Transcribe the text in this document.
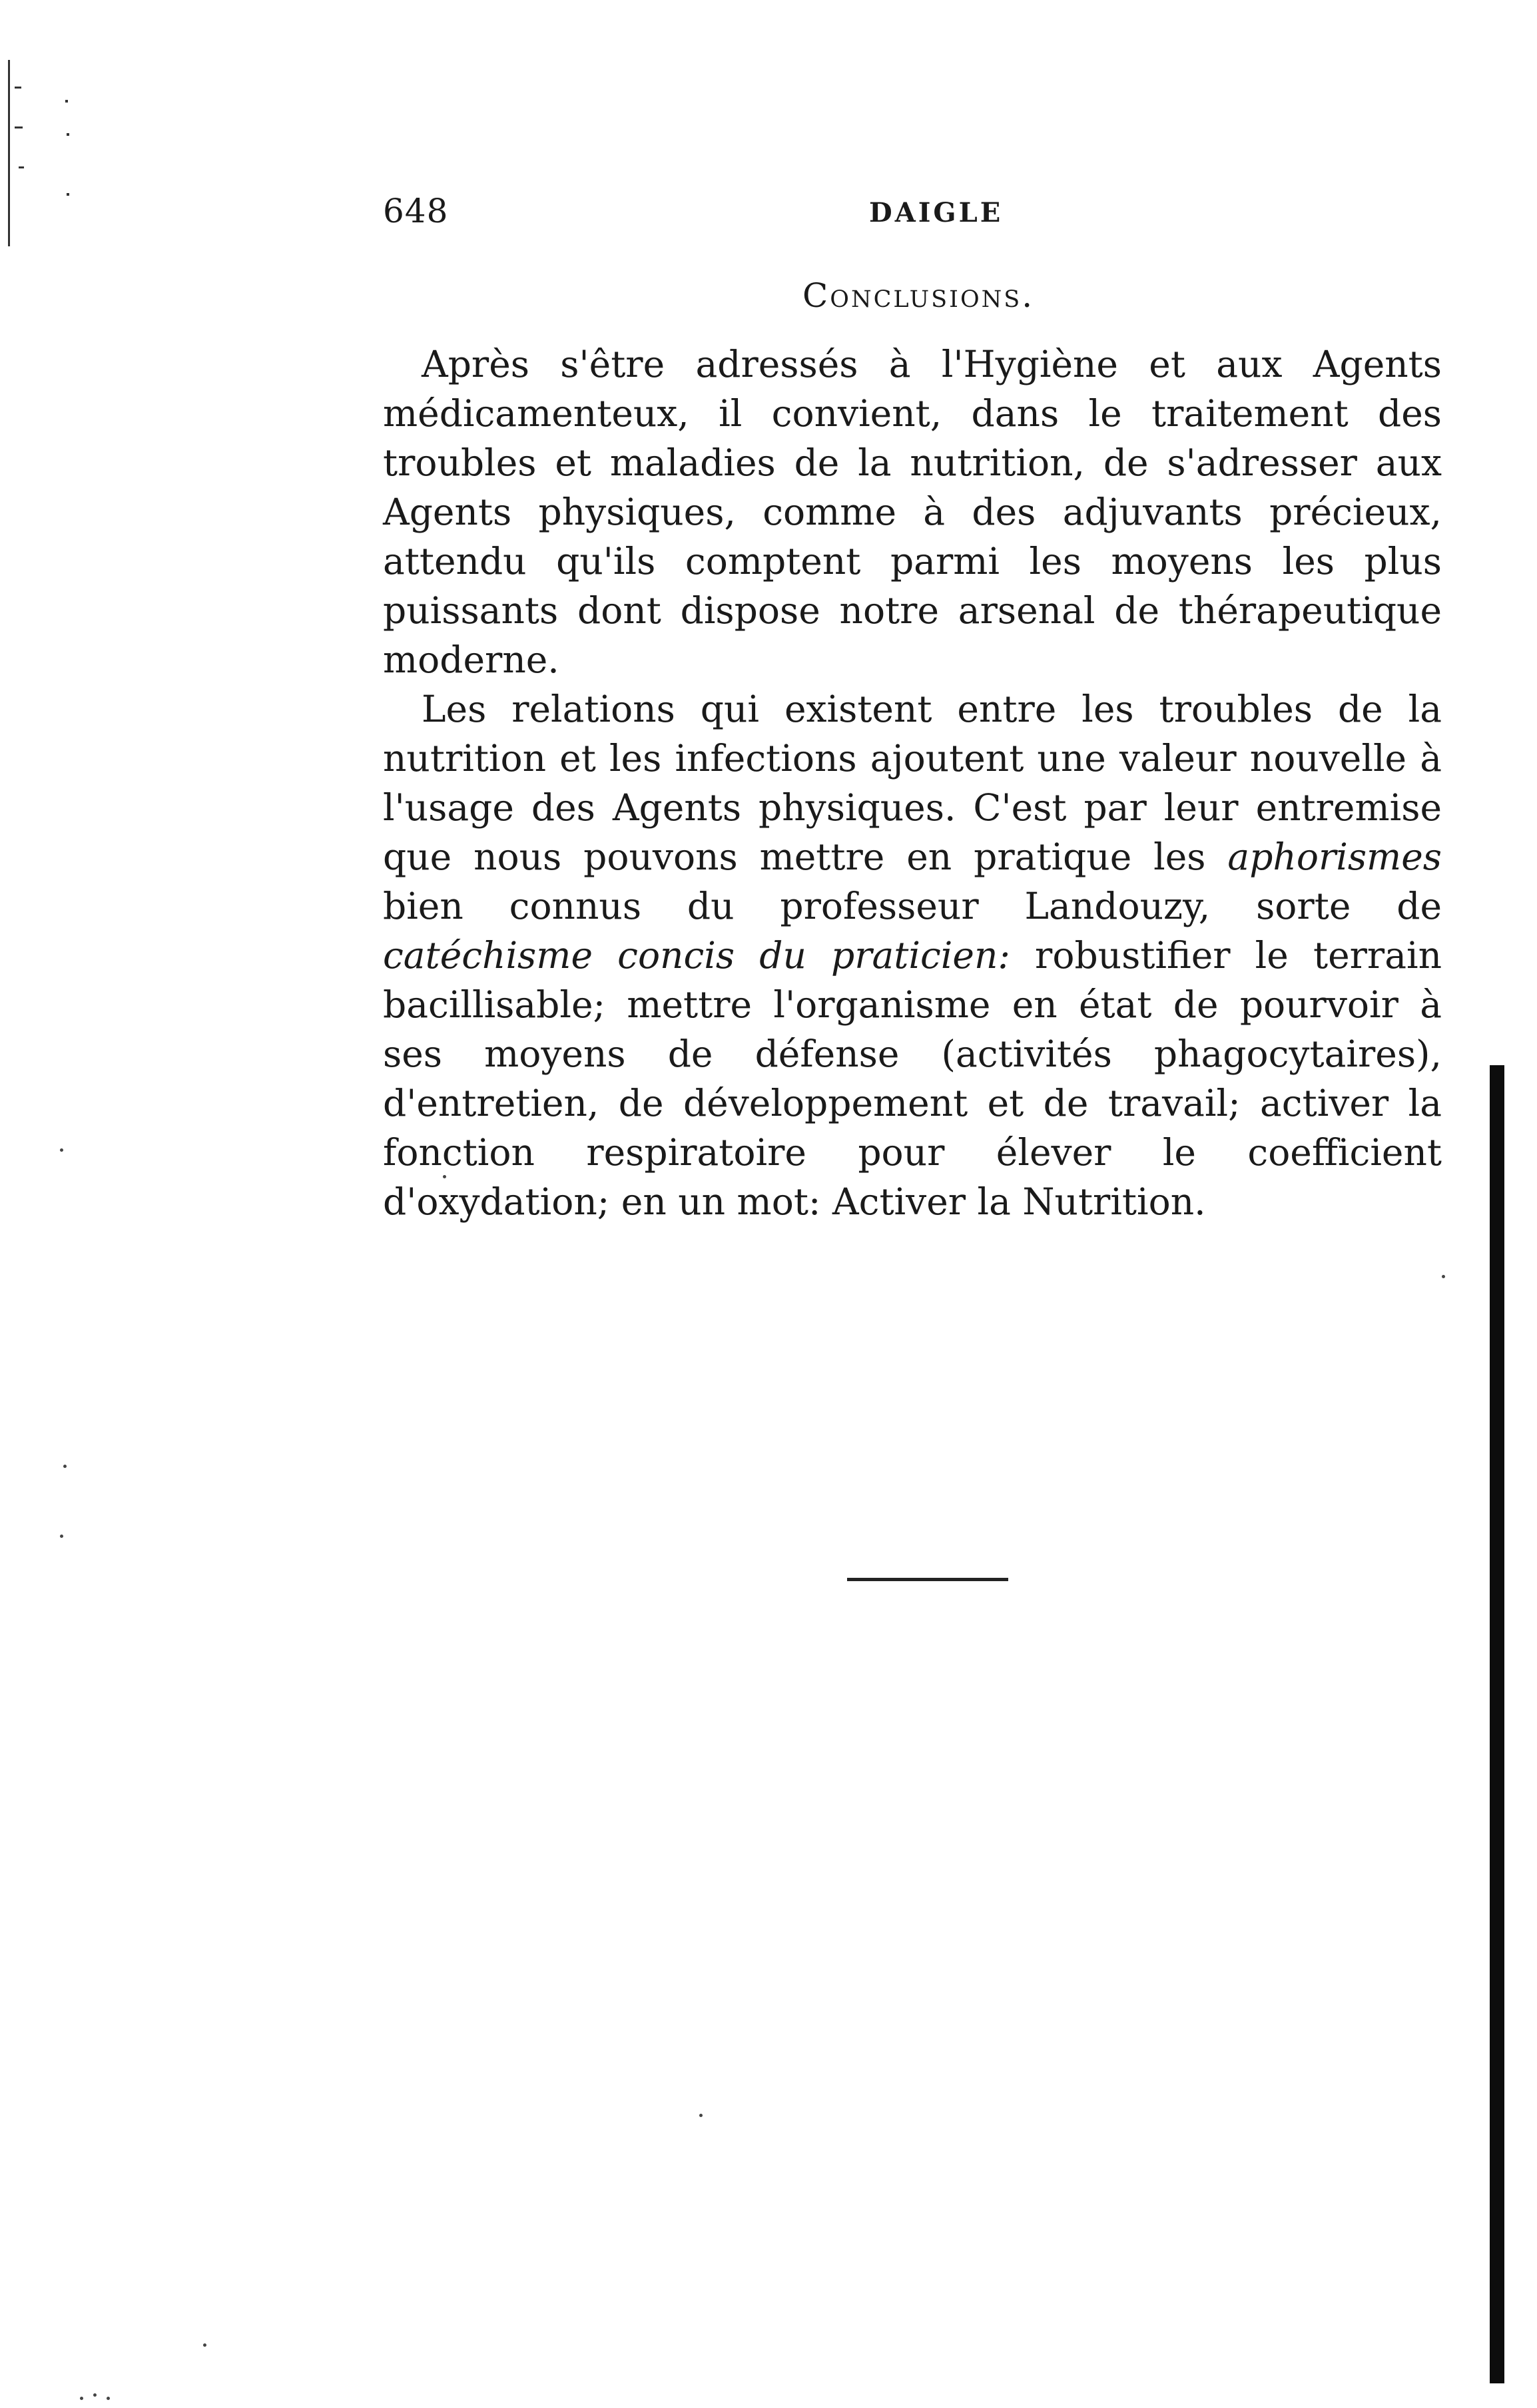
648	DAIGLE
Conclusions.

Après s'être adressés à l'Hygiène et aux Agents médicamenteux, il convient, dans le traitement des troubles et maladies de la nutrition, de s'adresser aux Agents physiques, comme à des adjuvants précieux, attendu qu'ils comptent parmi les moyens les plus puissants dont dispose notre arsenal de thérapeutique moderne.

Les relations qui existent entre les troubles de la nutrition et les infections ajoutent une valeur nouvelle à l'usage des Agents physiques. C'est par leur entremise que nous pouvons mettre en pratique les aphorismes bien connus du professeur Landouzy, sorte de catéchisme concis du praticien: robustifier le terrain bacillisable; mettre l'organisme en état de pourvoir à ses moyens de défense (activités phagocytaires), d'entretien, de développement et de travail; activer la fonction respiratoire pour élever le coefficient d'oxydation; en un mot: Activer la Nutrition.
